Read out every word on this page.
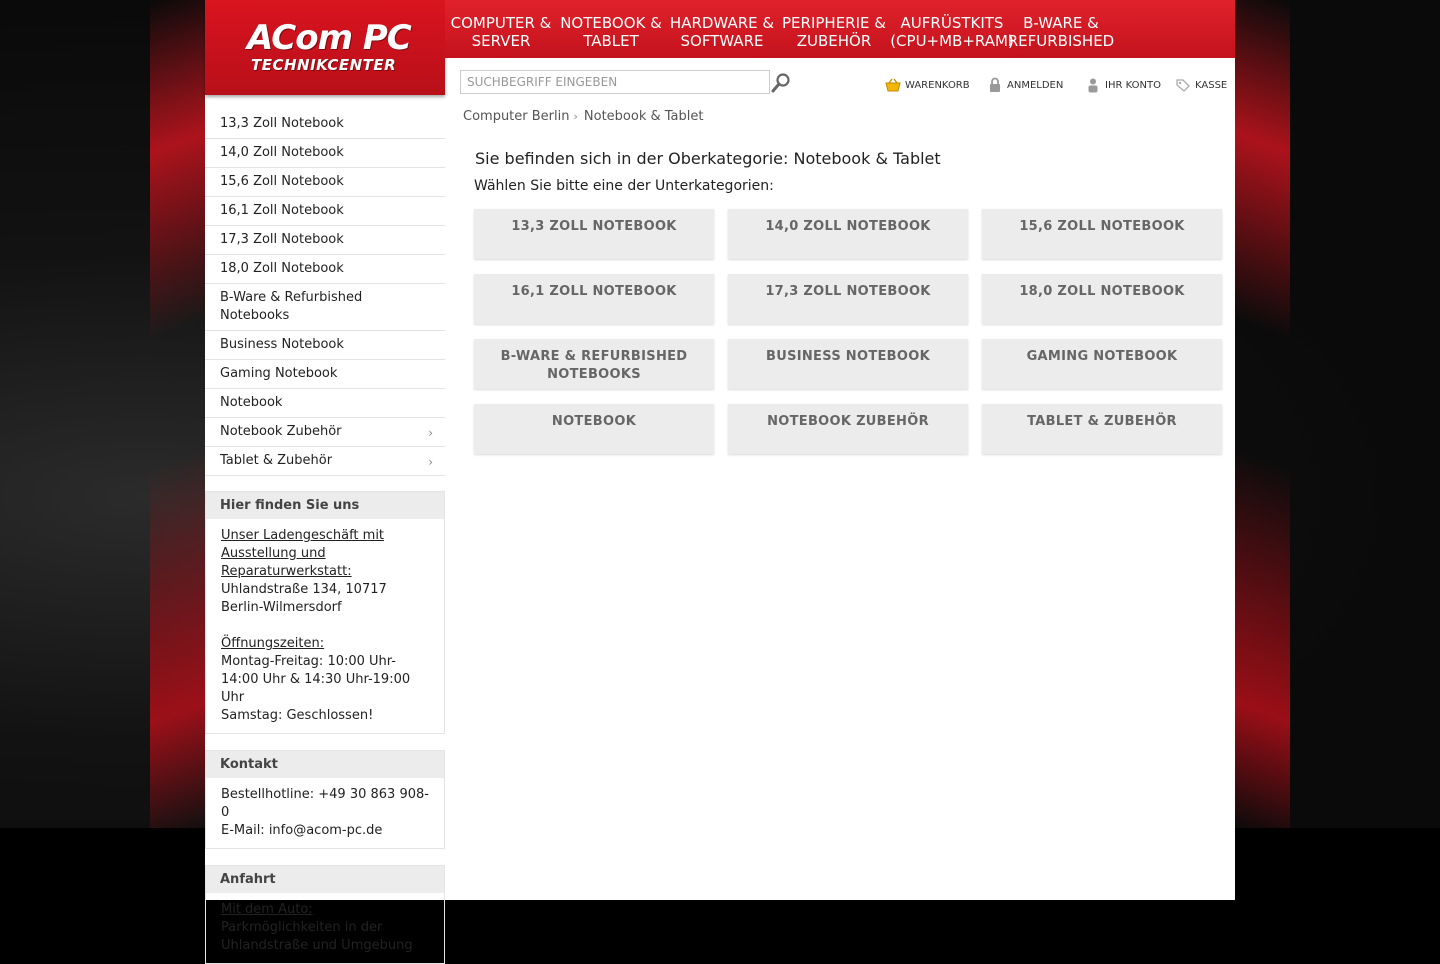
ACom PC
TECHNIKCENTER
COMPUTER & SERVER
NOTEBOOK & TABLET
HARDWARE & SOFTWARE
PERIPHERIE & ZUBEHÖR
AUFRÜSTKITS (CPU+MB+RAM)
B-WARE & REFURBISHED
SUCHBEGRIFF EINGEBEN
WARENKORB	ANMELDEN	IHR KONTO	KASSE
13,3 Zoll Notebook
14,0 Zoll Notebook
15,6 Zoll Notebook
16,1 Zoll Notebook
17,3 Zoll Notebook
18,0 Zoll Notebook
B-Ware & Refurbished Notebooks
Business Notebook
Gaming Notebook
Notebook
Notebook Zubehör	›
Tablet & Zubehör	›
Hier finden Sie uns
Unser Ladengeschäft mit Ausstellung und Reparaturwerkstatt:
Uhlandstraße 134, 10717 Berlin-Wilmersdorf
Öffnungszeiten:
Montag-Freitag: 10:00 Uhr-14:00 Uhr & 14:30 Uhr-19:00 Uhr
Samstag: Geschlossen!
Kontakt
Bestellhotline: +49 30 863 908-0
E-Mail: info@acom-pc.de
Anfahrt
Mit dem Auto:
Parkmöglichkeiten in der Uhlandstraße und Umgebung
Computer Berlin › Notebook & Tablet
Sie befinden sich in der Oberkategorie: Notebook & Tablet
Wählen Sie bitte eine der Unterkategorien:
13,3 ZOLL NOTEBOOK	14,0 ZOLL NOTEBOOK	15,6 ZOLL NOTEBOOK
16,1 ZOLL NOTEBOOK	17,3 ZOLL NOTEBOOK	18,0 ZOLL NOTEBOOK
B-WARE & REFURBISHED NOTEBOOKS
BUSINESS NOTEBOOK	GAMING NOTEBOOK
NOTEBOOK	NOTEBOOK ZUBEHÖR	TABLET & ZUBEHÖR
